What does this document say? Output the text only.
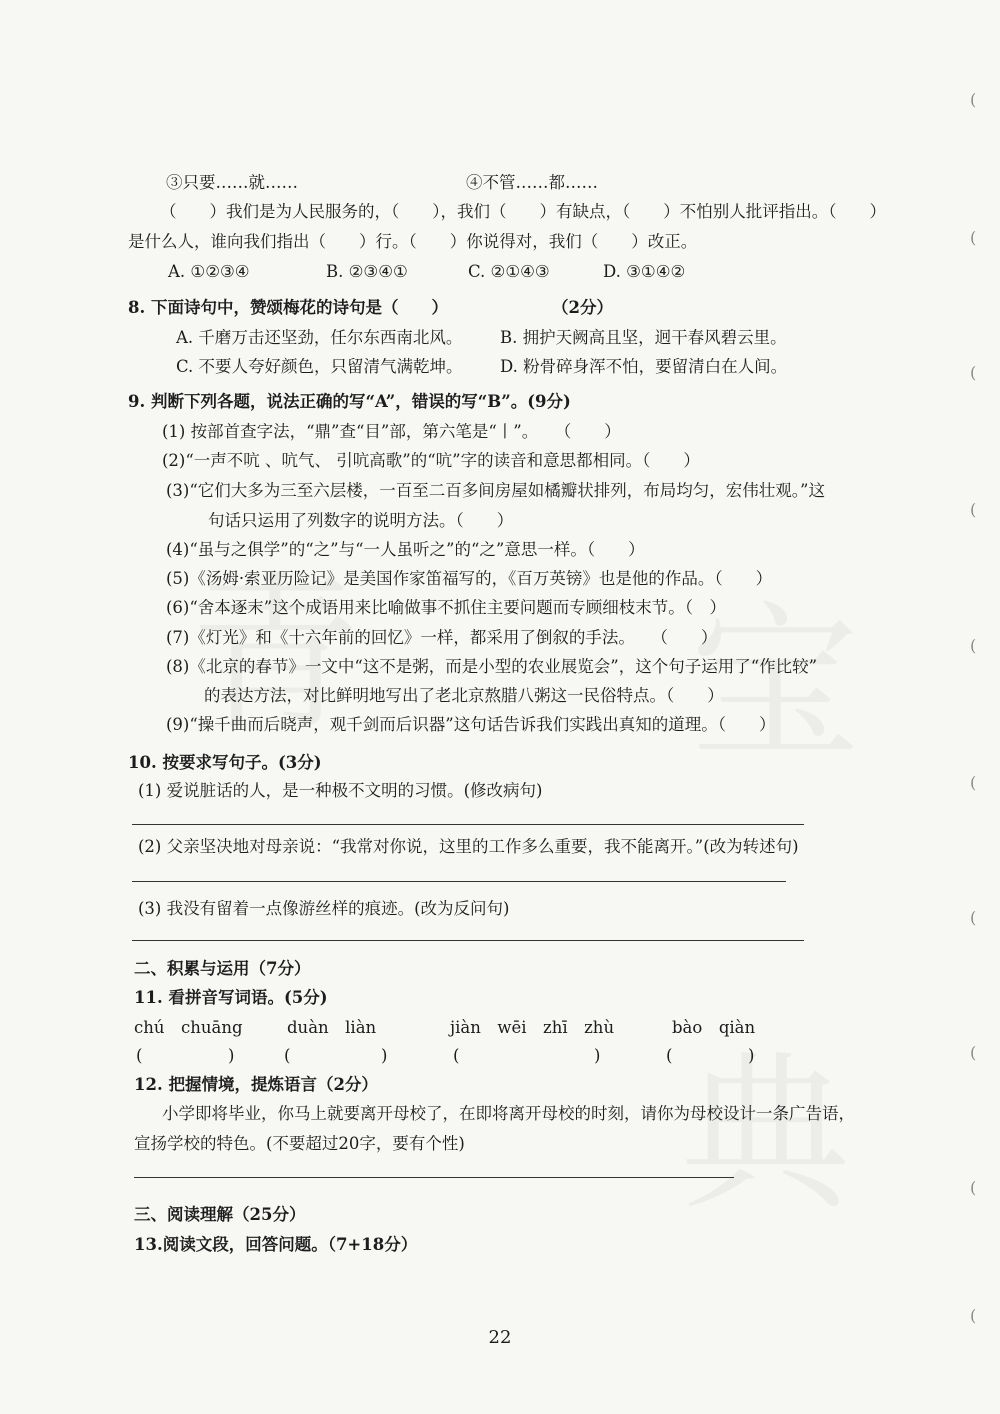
(
(
(
(
(
(
(
(
(
(
③只要……就……	④不管……都……
（　　）我们是为人民服务的，（　　），我们（　　）有缺点，（　　）不怕别人批评指出。（　　）
是什么人，谁向我们指出（　　）行。（　　）你说得对，我们（　　）改正。
A. ①②③④	B. ②③④①	C. ②①④③	D. ③①④②
8. 下面诗句中，赞颂梅花的诗句是（　　）	（2分）
A. 千磨万击还坚劲，任尔东西南北风。 B. 拥护天阙高且坚，迥干春风碧云里。
C. 不要人夸好颜色，只留清气满乾坤。 D. 粉骨碎身浑不怕，要留清白在人间。
9. 判断下列各题，说法正确的写“A”，错误的写“B”。(9分)
(1) 按部首查字法，“鼎”查“目”部，第六笔是“丨”。　　（　　）
(2)“一声不吭 、吭气、 引吭高歌”的“吭”字的读音和意思都相同。（　　）
(3)“它们大多为三至六层楼，一百至二百多间房屋如橘瓣状排列，布局均匀，宏伟壮观。”这
句话只运用了列数字的说明方法。（　　）
(4)“虽与之俱学”的“之”与“一人虽听之”的“之”意思一样。（　　）
(5)《汤姆·索亚历险记》是美国作家笛福写的，《百万英镑》也是他的作品。（　　）
(6)“舍本逐末”这个成语用来比喻做事不抓住主要问题而专顾细枝末节。（　）
(7)《灯光》和《十六年前的回忆》一样，都采用了倒叙的手法。　　（　　）
(8)《北京的春节》一文中“这不是粥，而是小型的农业展览会”，这个句子运用了“作比较”
的表达方法，对比鲜明地写出了老北京熬腊八粥这一民俗特点。（　　）
(9)“操千曲而后晓声，观千剑而后识器”这句话告诉我们实践出真知的道理。（　　）
10. 按要求写句子。(3分)
(1) 爱说脏话的人，是一种极不文明的习惯。(修改病句)
(2) 父亲坚决地对母亲说：“我常对你说，这里的工作多么重要，我不能离开。”(改为转述句)
(3) 我没有留着一点像游丝样的痕迹。(改为反问句)
二、积累与运用（7分）
11. 看拼音写词语。(5分)
chú　chuāng	duàn　liàn	jiàn　wēi　zhī　zhù	bào　qiàn
(	)	(	)	(	)	(	)
12. 把握情境，提炼语言（2分）
小学即将毕业，你马上就要离开母校了，在即将离开母校的时刻，请你为母校设计一条广告语，
宣扬学校的特色。(不要超过20字，要有个性)
三、阅读理解（25分）
13.阅读文段，回答问题。（7+18分）
22
